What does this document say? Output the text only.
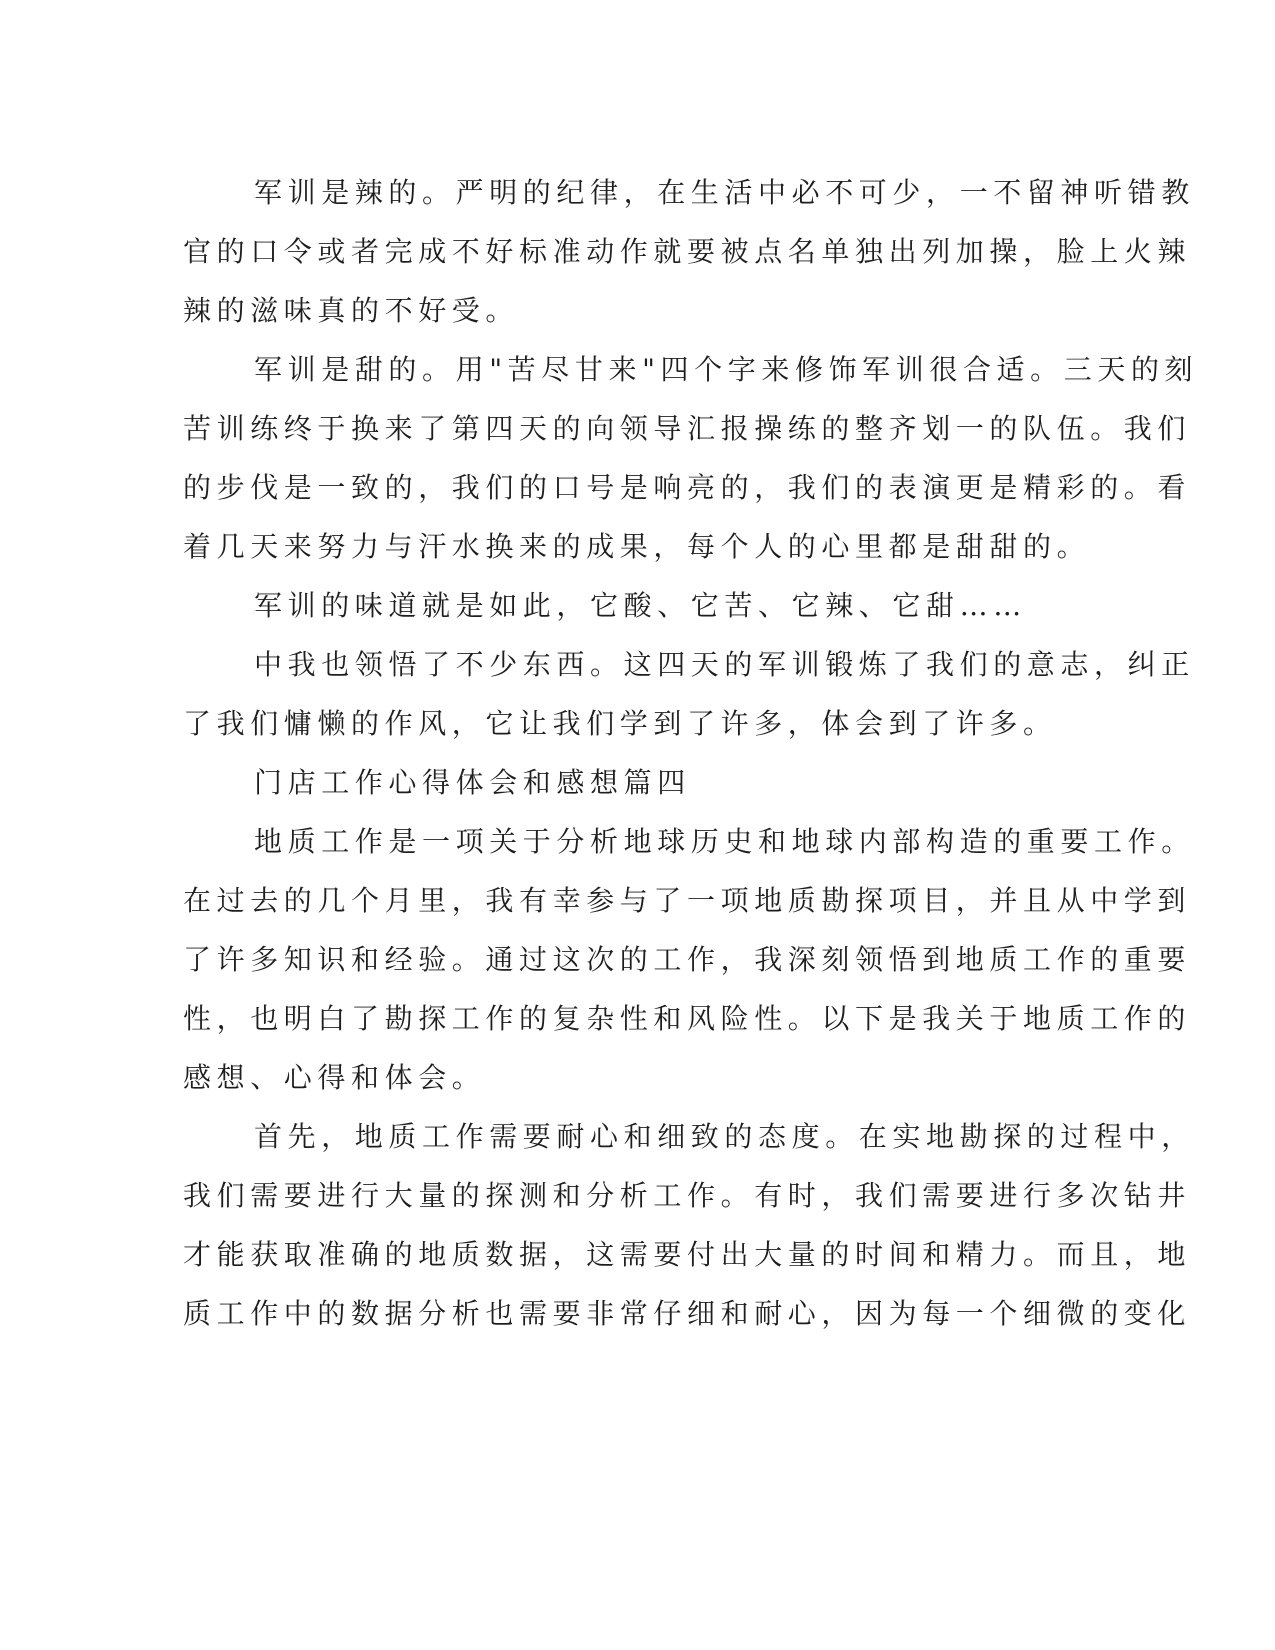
军训是辣的。严明的纪律，在生活中必不可少，一不留神听错教
官的口令或者完成不好标准动作就要被点名单独出列加操，脸上火辣
辣的滋味真的不好受。
军训是甜的。用"苦尽甘来"四个字来修饰军训很合适。三天的刻
苦训练终于换来了第四天的向领导汇报操练的整齐划一的队伍。我们
的步伐是一致的，我们的口号是响亮的，我们的表演更是精彩的。看
着几天来努力与汗水换来的成果，每个人的心里都是甜甜的。
军训的味道就是如此，它酸、它苦、它辣、它甜……
中我也领悟了不少东西。这四天的军训锻炼了我们的意志，纠正
了我们慵懒的作风，它让我们学到了许多，体会到了许多。
门店工作心得体会和感想篇四
地质工作是一项关于分析地球历史和地球内部构造的重要工作。
在过去的几个月里，我有幸参与了一项地质勘探项目，并且从中学到
了许多知识和经验。通过这次的工作，我深刻领悟到地质工作的重要
性，也明白了勘探工作的复杂性和风险性。以下是我关于地质工作的
感想、心得和体会。
首先，地质工作需要耐心和细致的态度。在实地勘探的过程中，
我们需要进行大量的探测和分析工作。有时，我们需要进行多次钻井
才能获取准确的地质数据，这需要付出大量的时间和精力。而且，地
质工作中的数据分析也需要非常仔细和耐心，因为每一个细微的变化
